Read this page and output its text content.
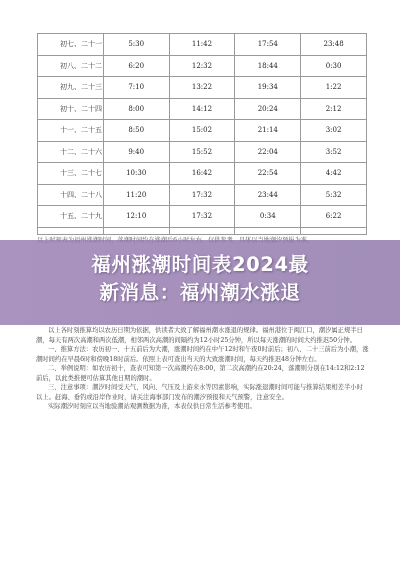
初七、二十一	5:30	11:42	17:54	23:48
初八、二十二	6:20	12:32	18:44	0:30
初九、二十三	7:10	13:22	19:34	1:22
初十、二十四	8:00	14:12	20:24	2:12
十一、二十五	8:50	15:02	21:14	3:02
十二、二十六	9:40	15:52	22:04	3:52
十三、二十七	10:30	16:42	22:54	4:42
十四、二十八	11:20	17:32	23:44	5:32
十五、二十九	12:10	17:32	0:34	6:22

福州涨潮时间表2024最
新消息：福州潮水涨退

以上各时刻推算均以农历日期为依据，供读者大致了解福州潮水涨退的规律。福州港位于闽江口，潮汐属正规半日潮，每天有两次高潮和两次低潮，相邻两次高潮的间隔约为12小时25分钟，所以每天涨潮的时间大约推迟50分钟。

一、推算方法：农历初一、十五前后为大潮，涨潮时间约在中午12时和午夜0时前后；初八、二十三前后为小潮，涨潮时间约在早晨6时和傍晚18时前后。依照上表可查出当天的大致涨潮时间，每天约推迟48分钟左右。

二、举例说明：如农历初十，查表可知第一次高潮约在8:00，第二次高潮约在20:24，落潮则分别在14:12和2:12前后，以此类推便可估算其他日期的潮时。

三、注意事项：潮汐时间受天气、风向、气压及上游来水等因素影响，实际涨退潮时间可能与推算结果相差半小时以上。赶海、垂钓或沿岸作业时，请关注海事部门发布的潮汐预报和天气预警，注意安全。

实际潮汐时刻应以当地验潮站观测数据为准，本表仅供日常生活参考使用。
